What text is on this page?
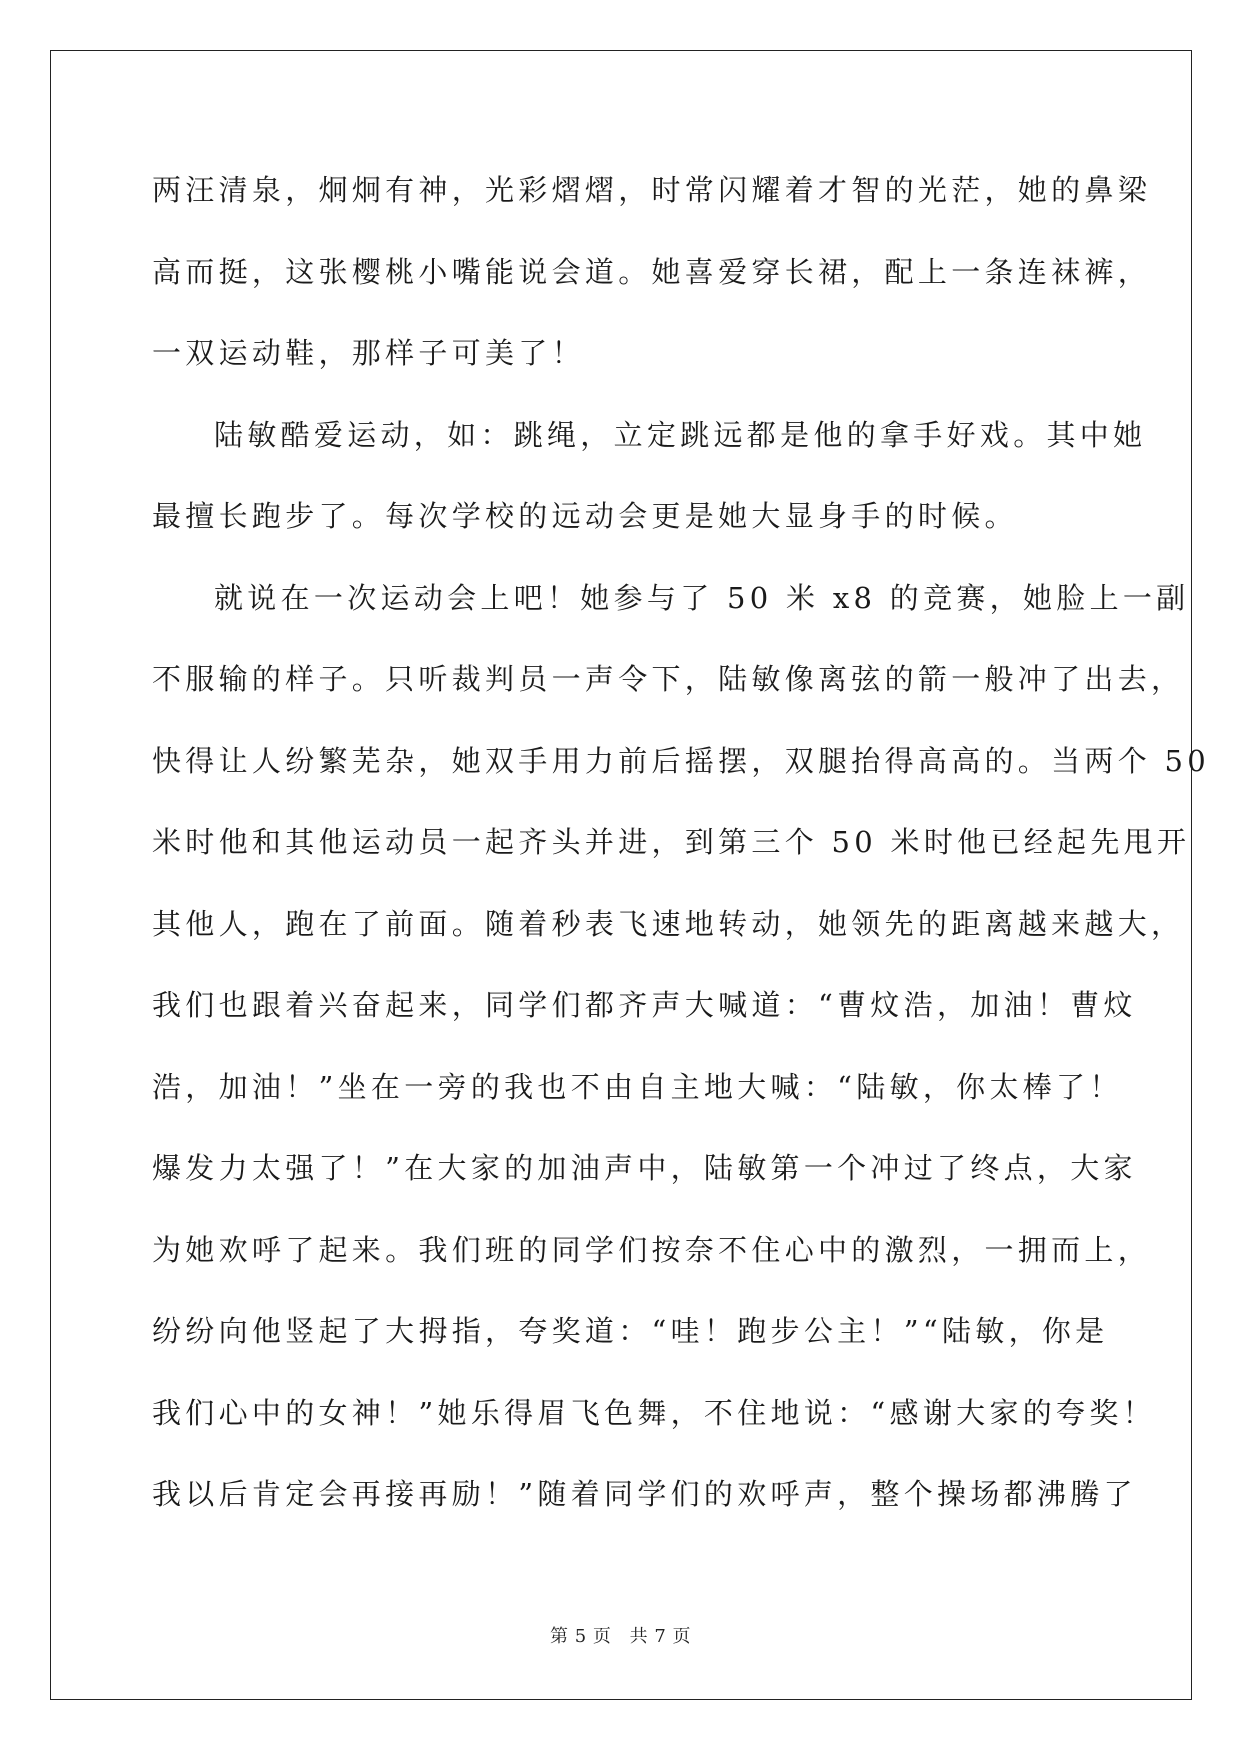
两汪清泉，炯炯有神，光彩熠熠，时常闪耀着才智的光茫，她的鼻梁
高而挺，这张樱桃小嘴能说会道。她喜爱穿长裙，配上一条连袜裤，
一双运动鞋，那样子可美了！
陆敏酷爱运动，如：跳绳，立定跳远都是他的拿手好戏。其中她
最擅长跑步了。每次学校的远动会更是她大显身手的时候。
就说在一次运动会上吧！她参与了 50 米 x8 的竞赛，她脸上一副
不服输的样子。只听裁判员一声令下，陆敏像离弦的箭一般冲了出去，
快得让人纷繁芜杂，她双手用力前后摇摆，双腿抬得高高的。当两个 50
米时他和其他运动员一起齐头并进，到第三个 50 米时他已经起先甩开
其他人，跑在了前面。随着秒表飞速地转动，她领先的距离越来越大，
我们也跟着兴奋起来，同学们都齐声大喊道：“曹炆浩，加油！曹炆
浩，加油！”坐在一旁的我也不由自主地大喊：“陆敏，你太棒了！
爆发力太强了！”在大家的加油声中，陆敏第一个冲过了终点，大家
为她欢呼了起来。我们班的同学们按奈不住心中的激烈，一拥而上，
纷纷向他竖起了大拇指，夸奖道：“哇！跑步公主！”“陆敏，你是
我们心中的女神！”她乐得眉飞色舞，不住地说：“感谢大家的夸奖！
我以后肯定会再接再励！”随着同学们的欢呼声，整个操场都沸腾了
第 5 页 共 7 页
